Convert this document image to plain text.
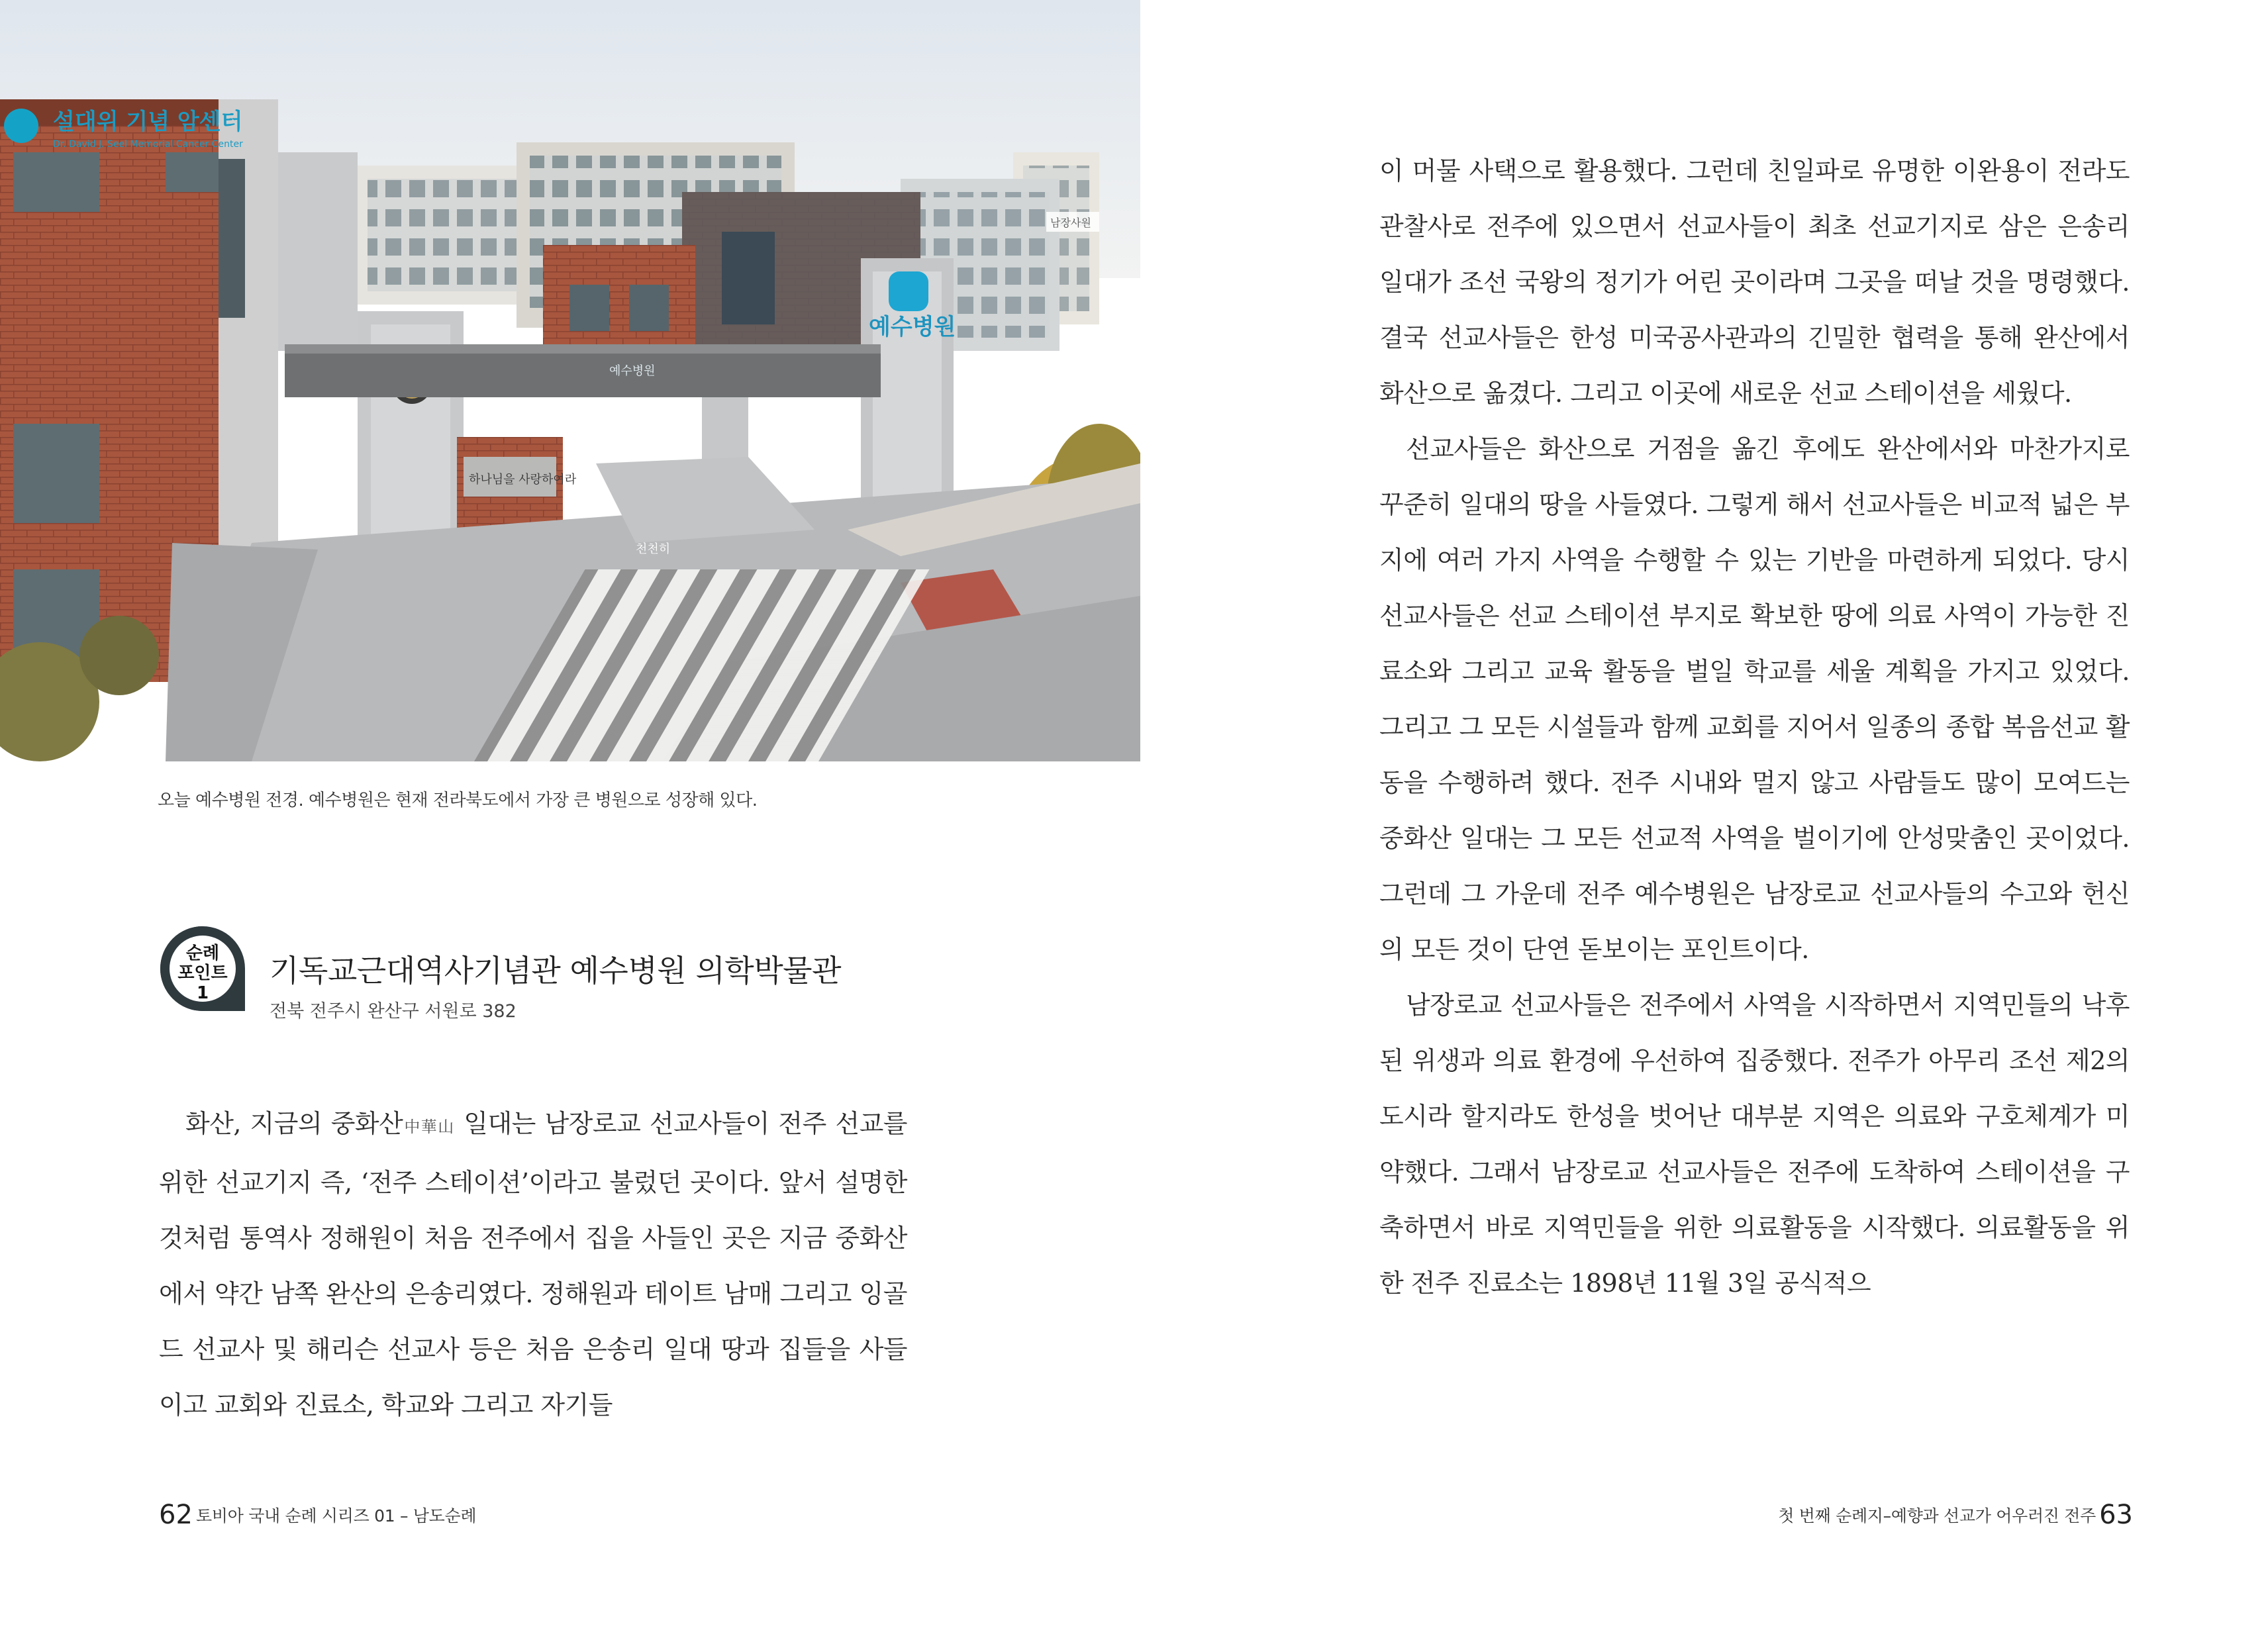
설대위 기념 암센터
Dr. David J. Seel Memorial Cancer Center
예수병원
예수병원
하나님을 사랑하여라
천천히
남장사원
오늘 예수병원 전경. 예수병원은 현재 전라북도에서 가장 큰 병원으로 성장해 있다.
순례
포인트
1
기독교근대역사기념관 예수병원 의학박물관
전북 전주시 완산구 서원로 382

화산, 지금의 중화산中華山 일대는 남장로교 선교사들이 전주 선교를 위한 선교기지 즉, ‘전주 스테이션’이라고 불렀던 곳이다. 앞서 설명한 것처럼 통역사 정해원이 처음 전주에서 집을 사들인 곳은 지금 중화산에서 약간 남쪽 완산의 은송리였다. 정해원과 테이트 남매 그리고 잉골드 선교사 및 해리슨 선교사 등은 처음 은송리 일대 땅과 집들을 사들이고 교회와 진료소, 학교와 그리고 자기들

이 머물 사택으로 활용했다. 그런데 친일파로 유명한 이완용이 전라도 관찰사로 전주에 있으면서 선교사들이 최초 선교기지로 삼은 은송리 일대가 조선 국왕의 정기가 어린 곳이라며 그곳을 떠날 것을 명령했다. 결국 선교사들은 한성 미국공사관과의 긴밀한 협력을 통해 완산에서 화산으로 옮겼다. 그리고 이곳에 새로운 선교 스테이션을 세웠다.

선교사들은 화산으로 거점을 옮긴 후에도 완산에서와 마찬가지로 꾸준히 일대의 땅을 사들였다. 그렇게 해서 선교사들은 비교적 넓은 부지에 여러 가지 사역을 수행할 수 있는 기반을 마련하게 되었다. 당시 선교사들은 선교 스테이션 부지로 확보한 땅에 의료 사역이 가능한 진료소와 그리고 교육 활동을 벌일 학교를 세울 계획을 가지고 있었다. 그리고 그 모든 시설들과 함께 교회를 지어서 일종의 종합 복음선교 활동을 수행하려 했다. 전주 시내와 멀지 않고 사람들도 많이 모여드는 중화산 일대는 그 모든 선교적 사역을 벌이기에 안성맞춤인 곳이었다. 그런데 그 가운데 전주 예수병원은 남장로교 선교사들의 수고와 헌신의 모든 것이 단연 돋보이는 포인트이다.

남장로교 선교사들은 전주에서 사역을 시작하면서 지역민들의 낙후된 위생과 의료 환경에 우선하여 집중했다. 전주가 아무리 조선 제2의 도시라 할지라도 한성을 벗어난 대부분 지역은 의료와 구호체계가 미약했다. 그래서 남장로교 선교사들은 전주에 도착하여 스테이션을 구축하면서 바로 지역민들을 위한 의료활동을 시작했다. 의료활동을 위한 전주 진료소는 1898년 11월 3일 공식적으

62 토비아 국내 순례 시리즈 01 – 남도순례	첫 번째 순례지–예향과 선교가 어우러진 전주 63
